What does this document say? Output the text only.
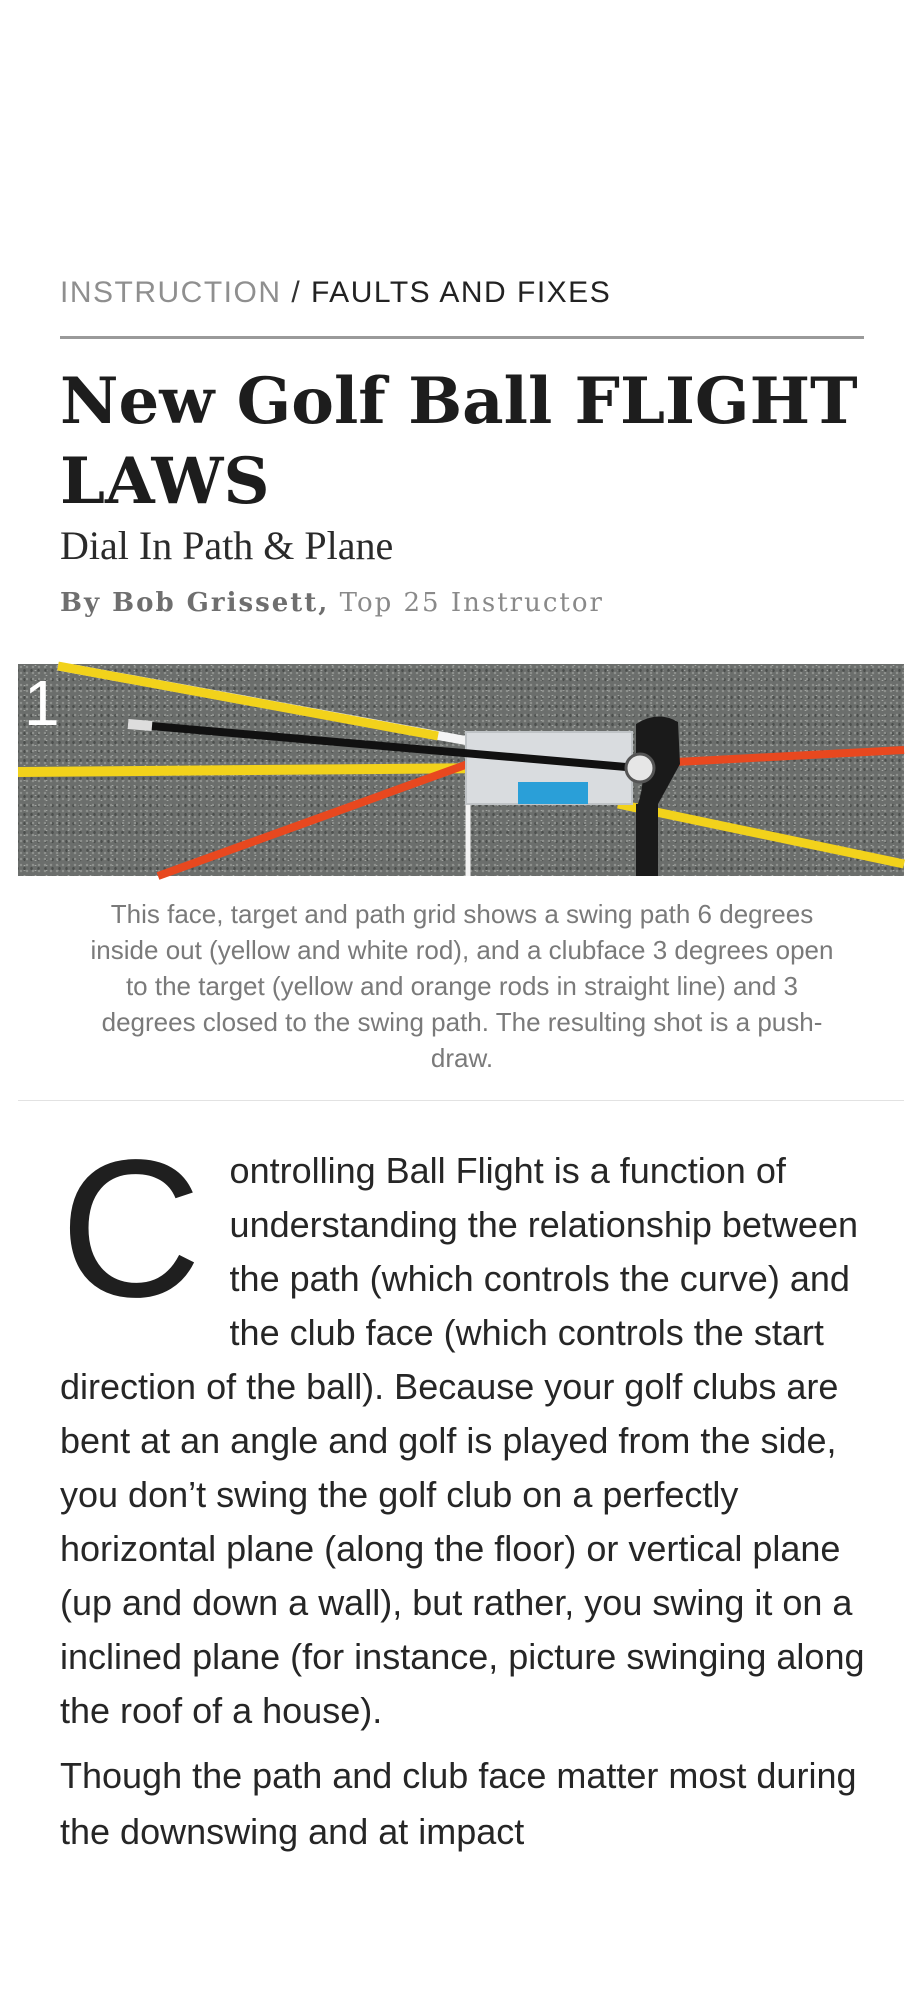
INSTRUCTION / FAULTS AND FIXES
New Golf Ball FLIGHT LAWS
Dial In Path & Plane
By Bob Grissett, Top 25 Instructor
1

This face, target and path grid shows a swing path 6 degrees inside out (yellow and white rod), and a clubface 3 degrees open to the target (yellow and orange rods in straight line) and 3 degrees closed to the swing path. The resulting shot is a push-draw.

Controlling Ball Flight is a function of understanding the relationship between the path (which controls the curve) and the club face (which controls the start direction of the ball). Because your golf clubs are bent at an angle and golf is played from the side, you don’t swing the golf club on a perfectly horizontal plane (along the floor) or vertical plane (up and down a wall), but rather, you swing it on a inclined plane (for instance, picture swinging along the roof of a house).

Though the path and club face matter most during the downswing and at impact
